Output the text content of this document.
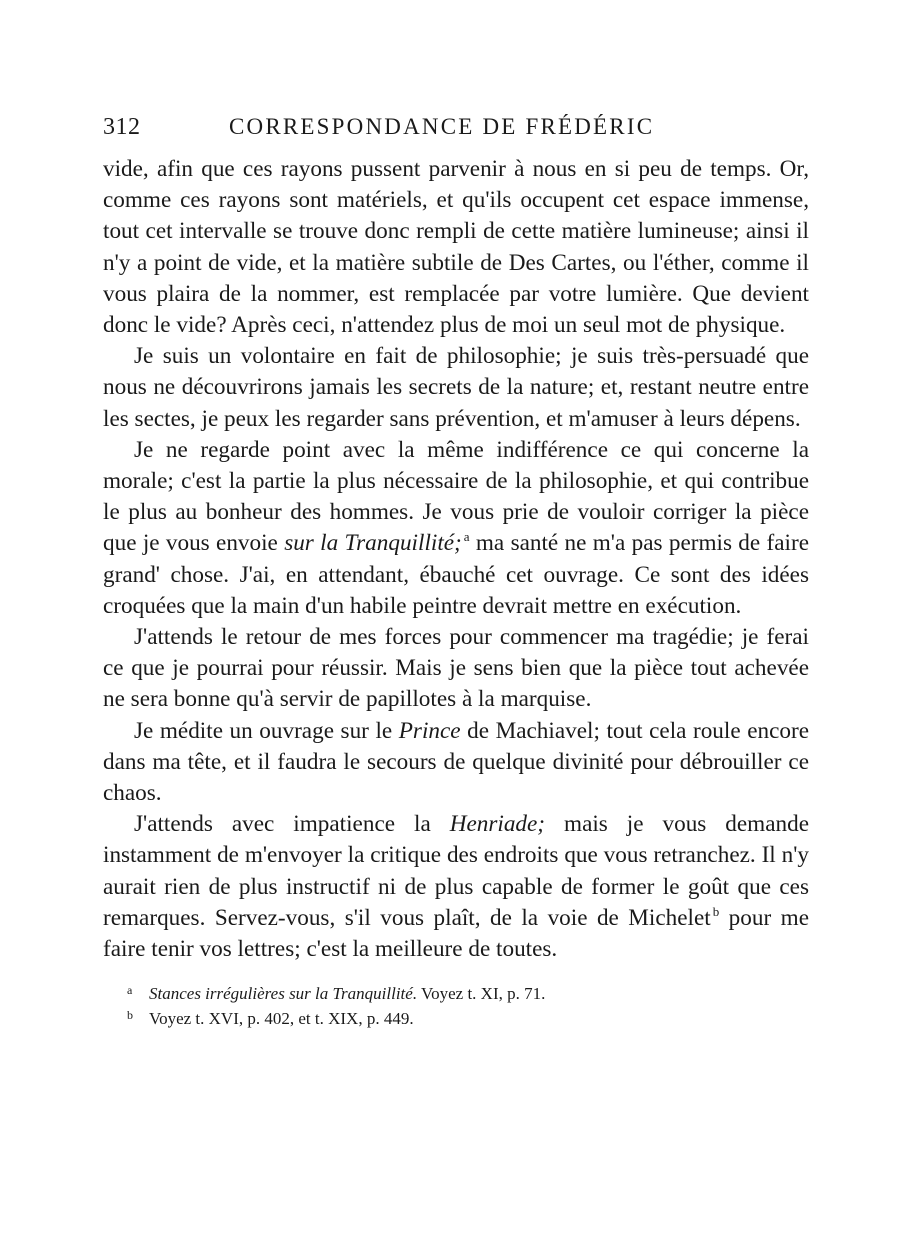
312	CORRESPONDANCE DE FRÉDÉRIC

vide, afin que ces rayons pussent parvenir à nous en si peu de temps. Or, comme ces rayons sont matériels, et qu'ils occupent cet espace immense, tout cet intervalle se trouve donc rempli de cette matière lumineuse; ainsi il n'y a point de vide, et la matière subtile de Des Cartes, ou l'éther, comme il vous plaira de la nommer, est remplacée par votre lumière. Que devient donc le vide? Après ceci, n'attendez plus de moi un seul mot de physique.

Je suis un volontaire en fait de philosophie; je suis très-persuadé que nous ne découvrirons jamais les secrets de la nature; et, restant neutre entre les sectes, je peux les regarder sans prévention, et m'amuser à leurs dépens.

Je ne regarde point avec la même indifférence ce qui concerne la morale; c'est la partie la plus nécessaire de la philosophie, et qui contribue le plus au bonheur des hommes. Je vous prie de vouloir corriger la pièce que je vous envoie sur la Tranquillité; $^a$ ma santé ne m'a pas permis de faire grand' chose. J'ai, en attendant, ébauché cet ouvrage. Ce sont des idées croquées que la main d'un habile peintre devrait mettre en exécution.

J'attends le retour de mes forces pour commencer ma tragédie; je ferai ce que je pourrai pour réussir. Mais je sens bien que la pièce tout achevée ne sera bonne qu'à servir de papillotes à la marquise.

Je médite un ouvrage sur le Prince de Machiavel; tout cela roule encore dans ma tête, et il faudra le secours de quelque divinité pour débrouiller ce chaos.

J'attends avec impatience la Henriade; mais je vous demande instamment de m'envoyer la critique des endroits que vous retranchez. Il n'y aurait rien de plus instructif ni de plus capable de former le goût que ces remarques. Servez-vous, s'il vous plaît, de la voie de Michelet $^b$ pour me faire tenir vos lettres; c'est la meilleure de toutes.

a Stances irrégulières sur la Tranquillité. Voyez t. XI, p. 71.
b Voyez t. XVI, p. 402, et t. XIX, p. 449.
